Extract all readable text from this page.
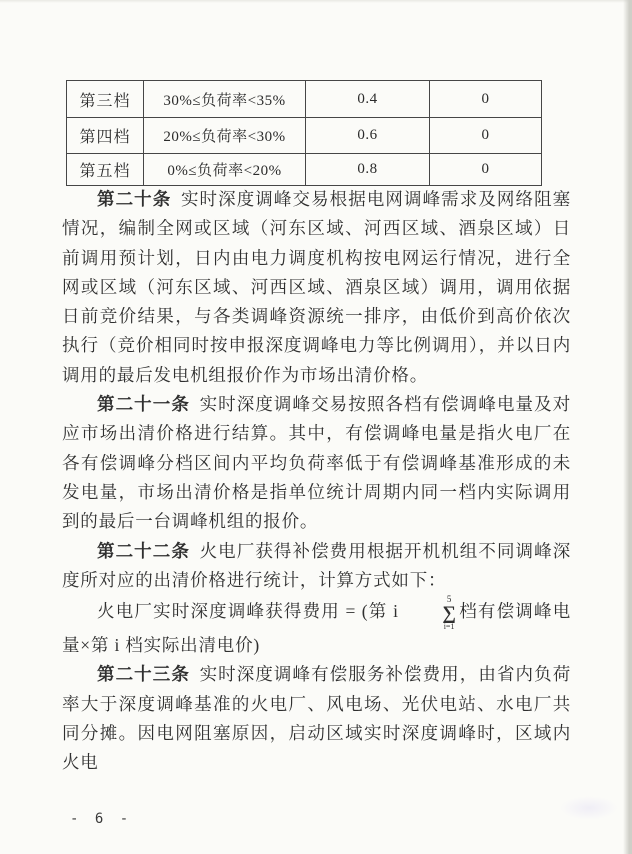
第三档	30%≤负荷率<35%	0.4	0
第四档	20%≤负荷率<30%	0.6	0
第五档	0%≤负荷率<20%	0.8	0

第二十条 实时深度调峰交易根据电网调峰需求及网络阻塞情况，编制全网或区域（河东区域、河西区域、酒泉区域）日前调用预计划，日内由电力调度机构按电网运行情况，进行全网或区域（河东区域、河西区域、酒泉区域）调用，调用依据日前竞价结果，与各类调峰资源统一排序，由低价到高价依次执行（竞价相同时按申报深度调峰电力等比例调用），并以日内调用的最后发电机组报价作为市场出清价格。

第二十一条 实时深度调峰交易按照各档有偿调峰电量及对应市场出清价格进行结算。其中，有偿调峰电量是指火电厂在各有偿调峰分档区间内平均负荷率低于有偿调峰基准形成的未发电量，市场出清价格是指单位统计周期内同一档内实际调用到的最后一台调峰机组的报价。

第二十二条 火电厂获得补偿费用根据开机机组不同调峰深度所对应的出清价格进行统计，计算方式如下：

火电厂实时深度调峰获得费用 = (第 i
5
∑
i=1
档有偿调峰电量×第 i 档实际出清电价)

第二十三条 实时深度调峰有偿服务补偿费用，由省内负荷率大于深度调峰基准的火电厂、风电场、光伏电站、水电厂共同分摊。因电网阻塞原因，启动区域实时深度调峰时，区域内火电

- 6 -
